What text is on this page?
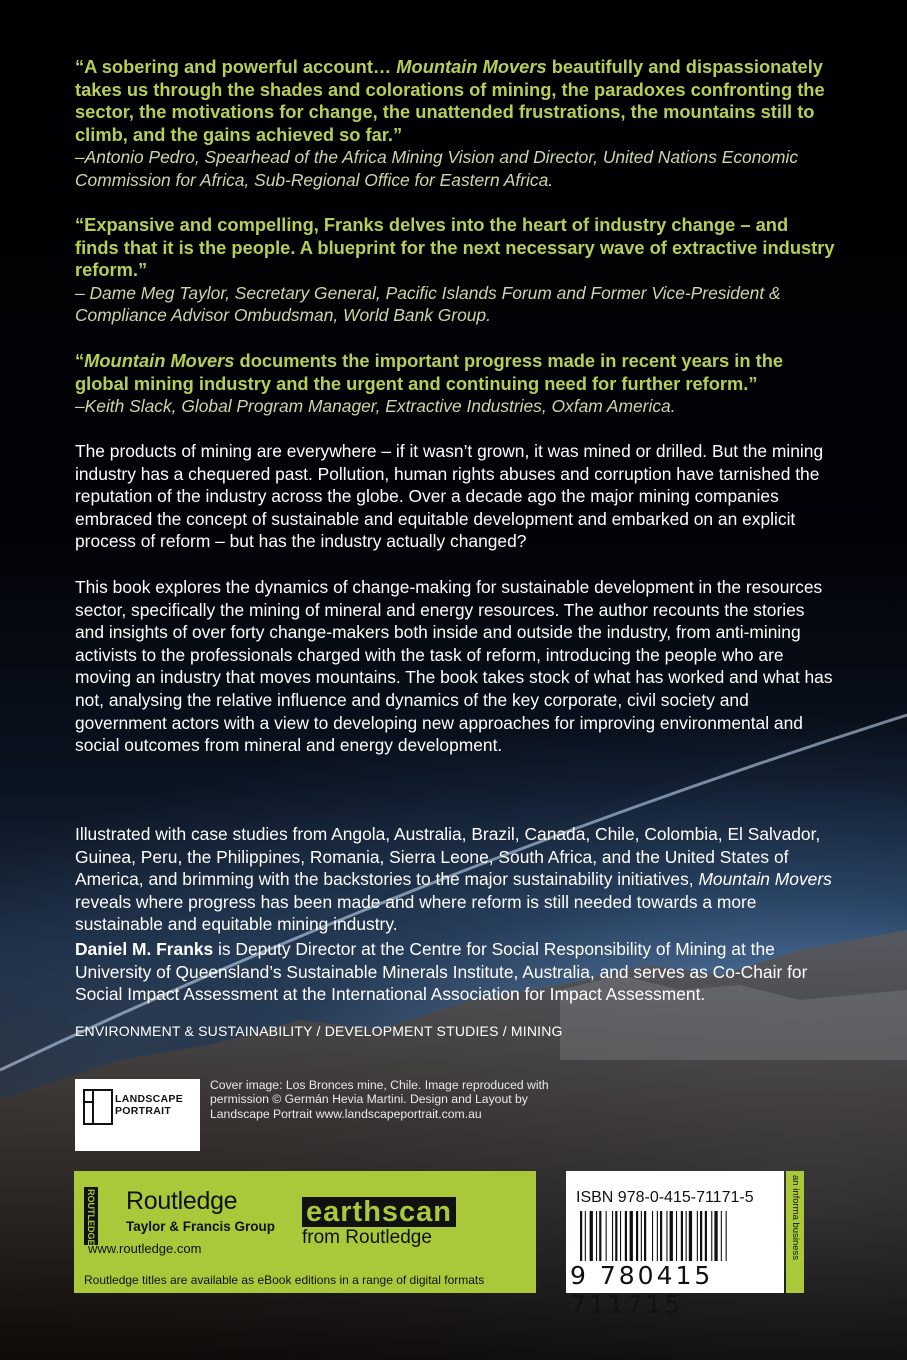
“A sobering and powerful account… Mountain Movers beautifully and dispassionately takes us through the shades and colorations of mining, the paradoxes confronting the sector, the motivations for change, the unattended frustrations, the mountains still to climb, and the gains achieved so far.”

–Antonio Pedro, Spearhead of the Africa Mining Vision and Director, United Nations Economic Commission for Africa, Sub-Regional Office for Eastern Africa.

“Expansive and compelling, Franks delves into the heart of industry change – and finds that it is the people. A blueprint for the next necessary wave of extractive industry reform.”

– Dame Meg Taylor, Secretary General, Pacific Islands Forum and Former Vice-President & Compliance Advisor Ombudsman, World Bank Group.

“Mountain Movers documents the important progress made in recent years in the global mining industry and the urgent and continuing need for further reform.”

–Keith Slack, Global Program Manager, Extractive Industries, Oxfam America.

The products of mining are everywhere – if it wasn’t grown, it was mined or drilled. But the mining industry has a chequered past. Pollution, human rights abuses and corruption have tarnished the reputation of the industry across the globe. Over a decade ago the major mining companies embraced the concept of sustainable and equitable development and embarked on an explicit process of reform – but has the industry actually changed?

This book explores the dynamics of change-making for sustainable development in the resources sector, specifically the mining of mineral and energy resources. The author recounts the stories and insights of over forty change-makers both inside and outside the industry, from anti-mining activists to the professionals charged with the task of reform, introducing the people who are moving an industry that moves mountains. The book takes stock of what has worked and what has not, analysing the relative influence and dynamics of the key corporate, civil society and government actors with a view to developing new approaches for improving environmental and social outcomes from mineral and energy development.

Illustrated with case studies from Angola, Australia, Brazil, Canada, Chile, Colombia, El Salvador, Guinea, Peru, the Philippines, Romania, Sierra Leone, South Africa, and the United States of America, and brimming with the backstories to the major sustainability initiatives, Mountain Movers reveals where progress has been made and where reform is still needed towards a more sustainable and equitable mining industry.

Daniel M. Franks is Deputy Director at the Centre for Social Responsibility of Mining at the University of Queensland’s Sustainable Minerals Institute, Australia, and serves as Co-Chair for Social Impact Assessment at the International Association for Impact Assessment.

ENVIRONMENT & SUSTAINABILITY / DEVELOPMENT STUDIES / MINING

LANDSCAPE
PORTRAIT
Cover image: Los Bronces mine, Chile. Image reproduced with permission © Germán Hevia Martini. Design and Layout by Landscape Portrait www.landscapeportrait.com.au
ROUTLEDGE Routledge
Taylor & Francis Group
www.routledge.com
earthscan
from Routledge
Routledge titles are available as eBook editions in a range of digital formats
ISBN 978-0-415-71171-5
9 780415 711715
an informa business
